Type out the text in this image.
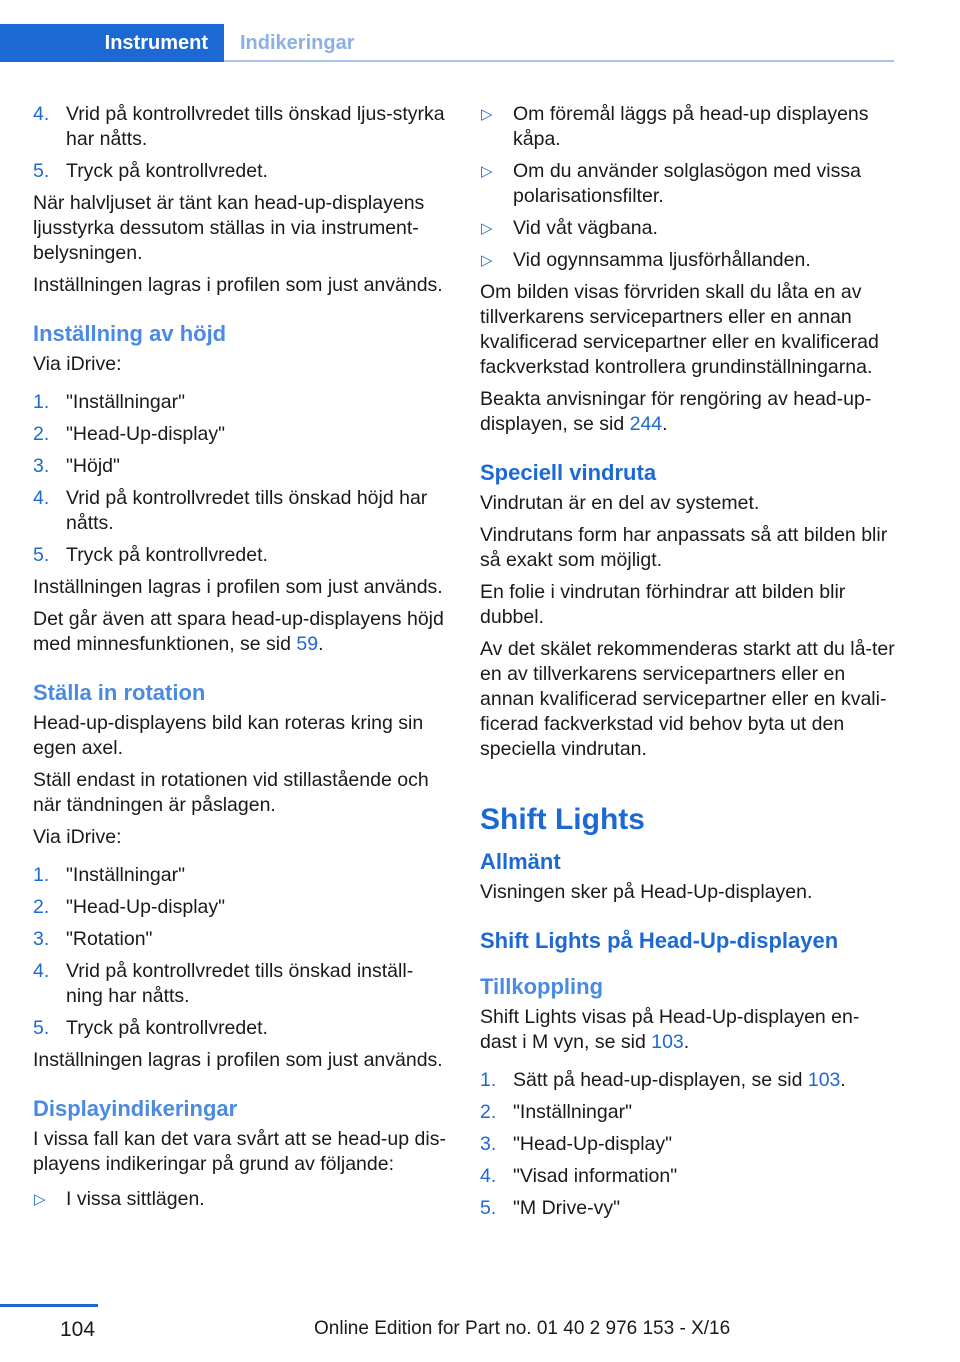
Instrument	Indikeringar
4. Vrid på kontrollvredet tills önskad ljus-styrka har nåtts.
5. Tryck på kontrollvredet.

När halvljuset är tänt kan head-up-displayens ljusstyrka dessutom ställas in via instrument-belysningen.

Inställningen lagras i profilen som just används.

Inställning av höjd

Via iDrive:

1. "Inställningar"
2. "Head-Up-display"
3. "Höjd"
4. Vrid på kontrollvredet tills önskad höjd har nåtts.
5. Tryck på kontrollvredet.

Inställningen lagras i profilen som just används.

Det går även att spara head-up-displayens höjd med minnesfunktionen, se sid 59.

Ställa in rotation

Head-up-displayens bild kan roteras kring sin egen axel.

Ställ endast in rotationen vid stillastående och när tändningen är påslagen.

Via iDrive:

1. "Inställningar"
2. "Head-Up-display"
3. "Rotation"
4. Vrid på kontrollvredet tills önskad inställ-ning har nåtts.
5. Tryck på kontrollvredet.

Inställningen lagras i profilen som just används.

Displayindikeringar

I vissa fall kan det vara svårt att se head-up dis-playens indikeringar på grund av följande:

▷ I vissa sittlägen.
▷ Om föremål läggs på head-up displayens kåpa.
▷ Om du använder solglasögon med vissa polarisationsfilter.
▷ Vid våt vägbana.
▷ Vid ogynnsamma ljusförhållanden.

Om bilden visas förvriden skall du låta en av tillverkarens servicepartners eller en annan kvalificerad servicepartner eller en kvalificerad fackverkstad kontrollera grundinställningarna.

Beakta anvisningar för rengöring av head-up-displayen, se sid 244.

Speciell vindruta

Vindrutan är en del av systemet.

Vindrutans form har anpassats så att bilden blir så exakt som möjligt.

En folie i vindrutan förhindrar att bilden blir dubbel.

Av det skälet rekommenderas starkt att du lå-ter en av tillverkarens servicepartners eller en annan kvalificerad servicepartner eller en kvali-ficerad fackverkstad vid behov byta ut den speciella vindrutan.

Shift Lights
Allmänt

Visningen sker på Head-Up-displayen.

Shift Lights på Head-Up-displayen
Tillkoppling

Shift Lights visas på Head-Up-displayen en-dast i M vyn, se sid 103.

1. Sätt på head-up-displayen, se sid 103.
2. "Inställningar"
3. "Head-Up-display"
4. "Visad information"
5. "M Drive-vy"
104	Online Edition for Part no. 01 40 2 976 153 - X/16
